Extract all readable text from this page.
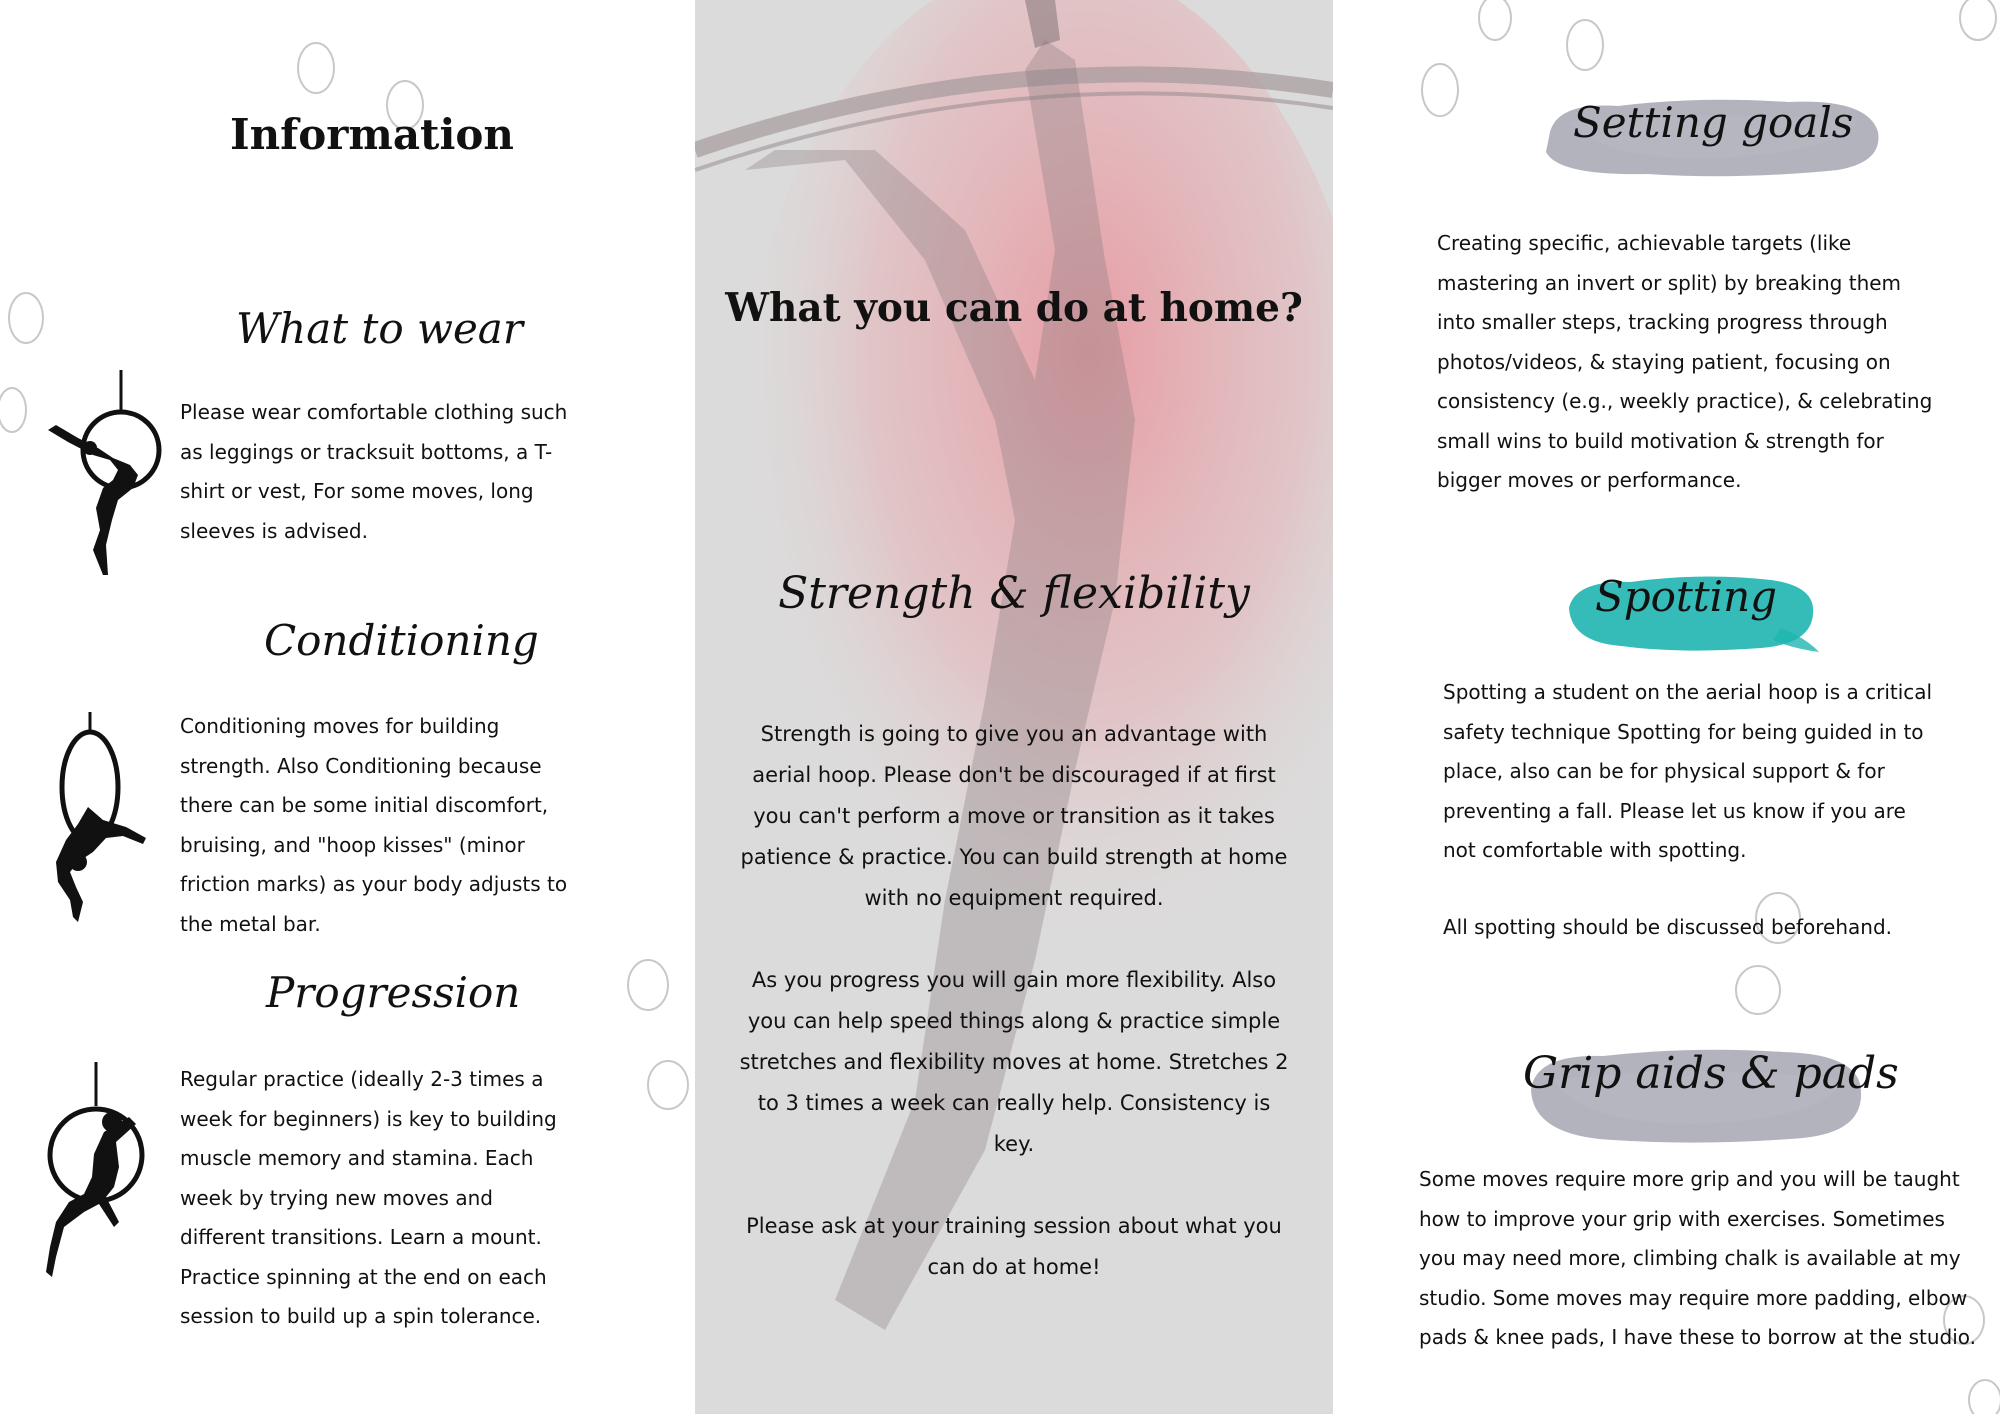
Information
What to wear
Please wear comfortable clothing such as leggings or tracksuit bottoms, a T-shirt or vest, For some moves, long sleeves is advised.
Conditioning
Conditioning moves for building strength. Also Conditioning because there can be some initial discomfort, bruising, and "hoop kisses" (minor friction marks) as your body adjusts to the metal bar.
Progression
Regular practice (ideally 2-3 times a week for beginners) is key to building muscle memory and stamina. Each week by trying new moves and different transitions. Learn a mount. Practice spinning at the end on each session to build up a spin tolerance.
What you can do at home?
Strength & flexibility

Strength is going to give you an advantage with aerial hoop. Please don't be discouraged if at first you can't perform a move or transition as it takes patience & practice. You can build strength at home with no equipment required.

As you progress you will gain more flexibility. Also you can help speed things along & practice simple stretches and flexibility moves at home. Stretches 2 to 3 times a week can really help. Consistency is key.

Please ask at your training session about what you can do at home!

Setting goals
Creating specific, achievable targets (like mastering an invert or split) by breaking them into smaller steps, tracking progress through photos/videos, & staying patient, focusing on consistency (e.g., weekly practice), & celebrating small wins to build motivation & strength for bigger moves or performance.
Spotting
Spotting a student on the aerial hoop is a critical safety technique Spotting for being guided in to place, also can be for physical support & for preventing a fall. Please let us know if you are not comfortable with spotting.
All spotting should be discussed beforehand.
Grip aids & pads
Some moves require more grip and you will be taught how to improve your grip with exercises. Sometimes you may need more, climbing chalk is available at my studio. Some moves may require more padding, elbow pads & knee pads, I have these to borrow at the studio.
